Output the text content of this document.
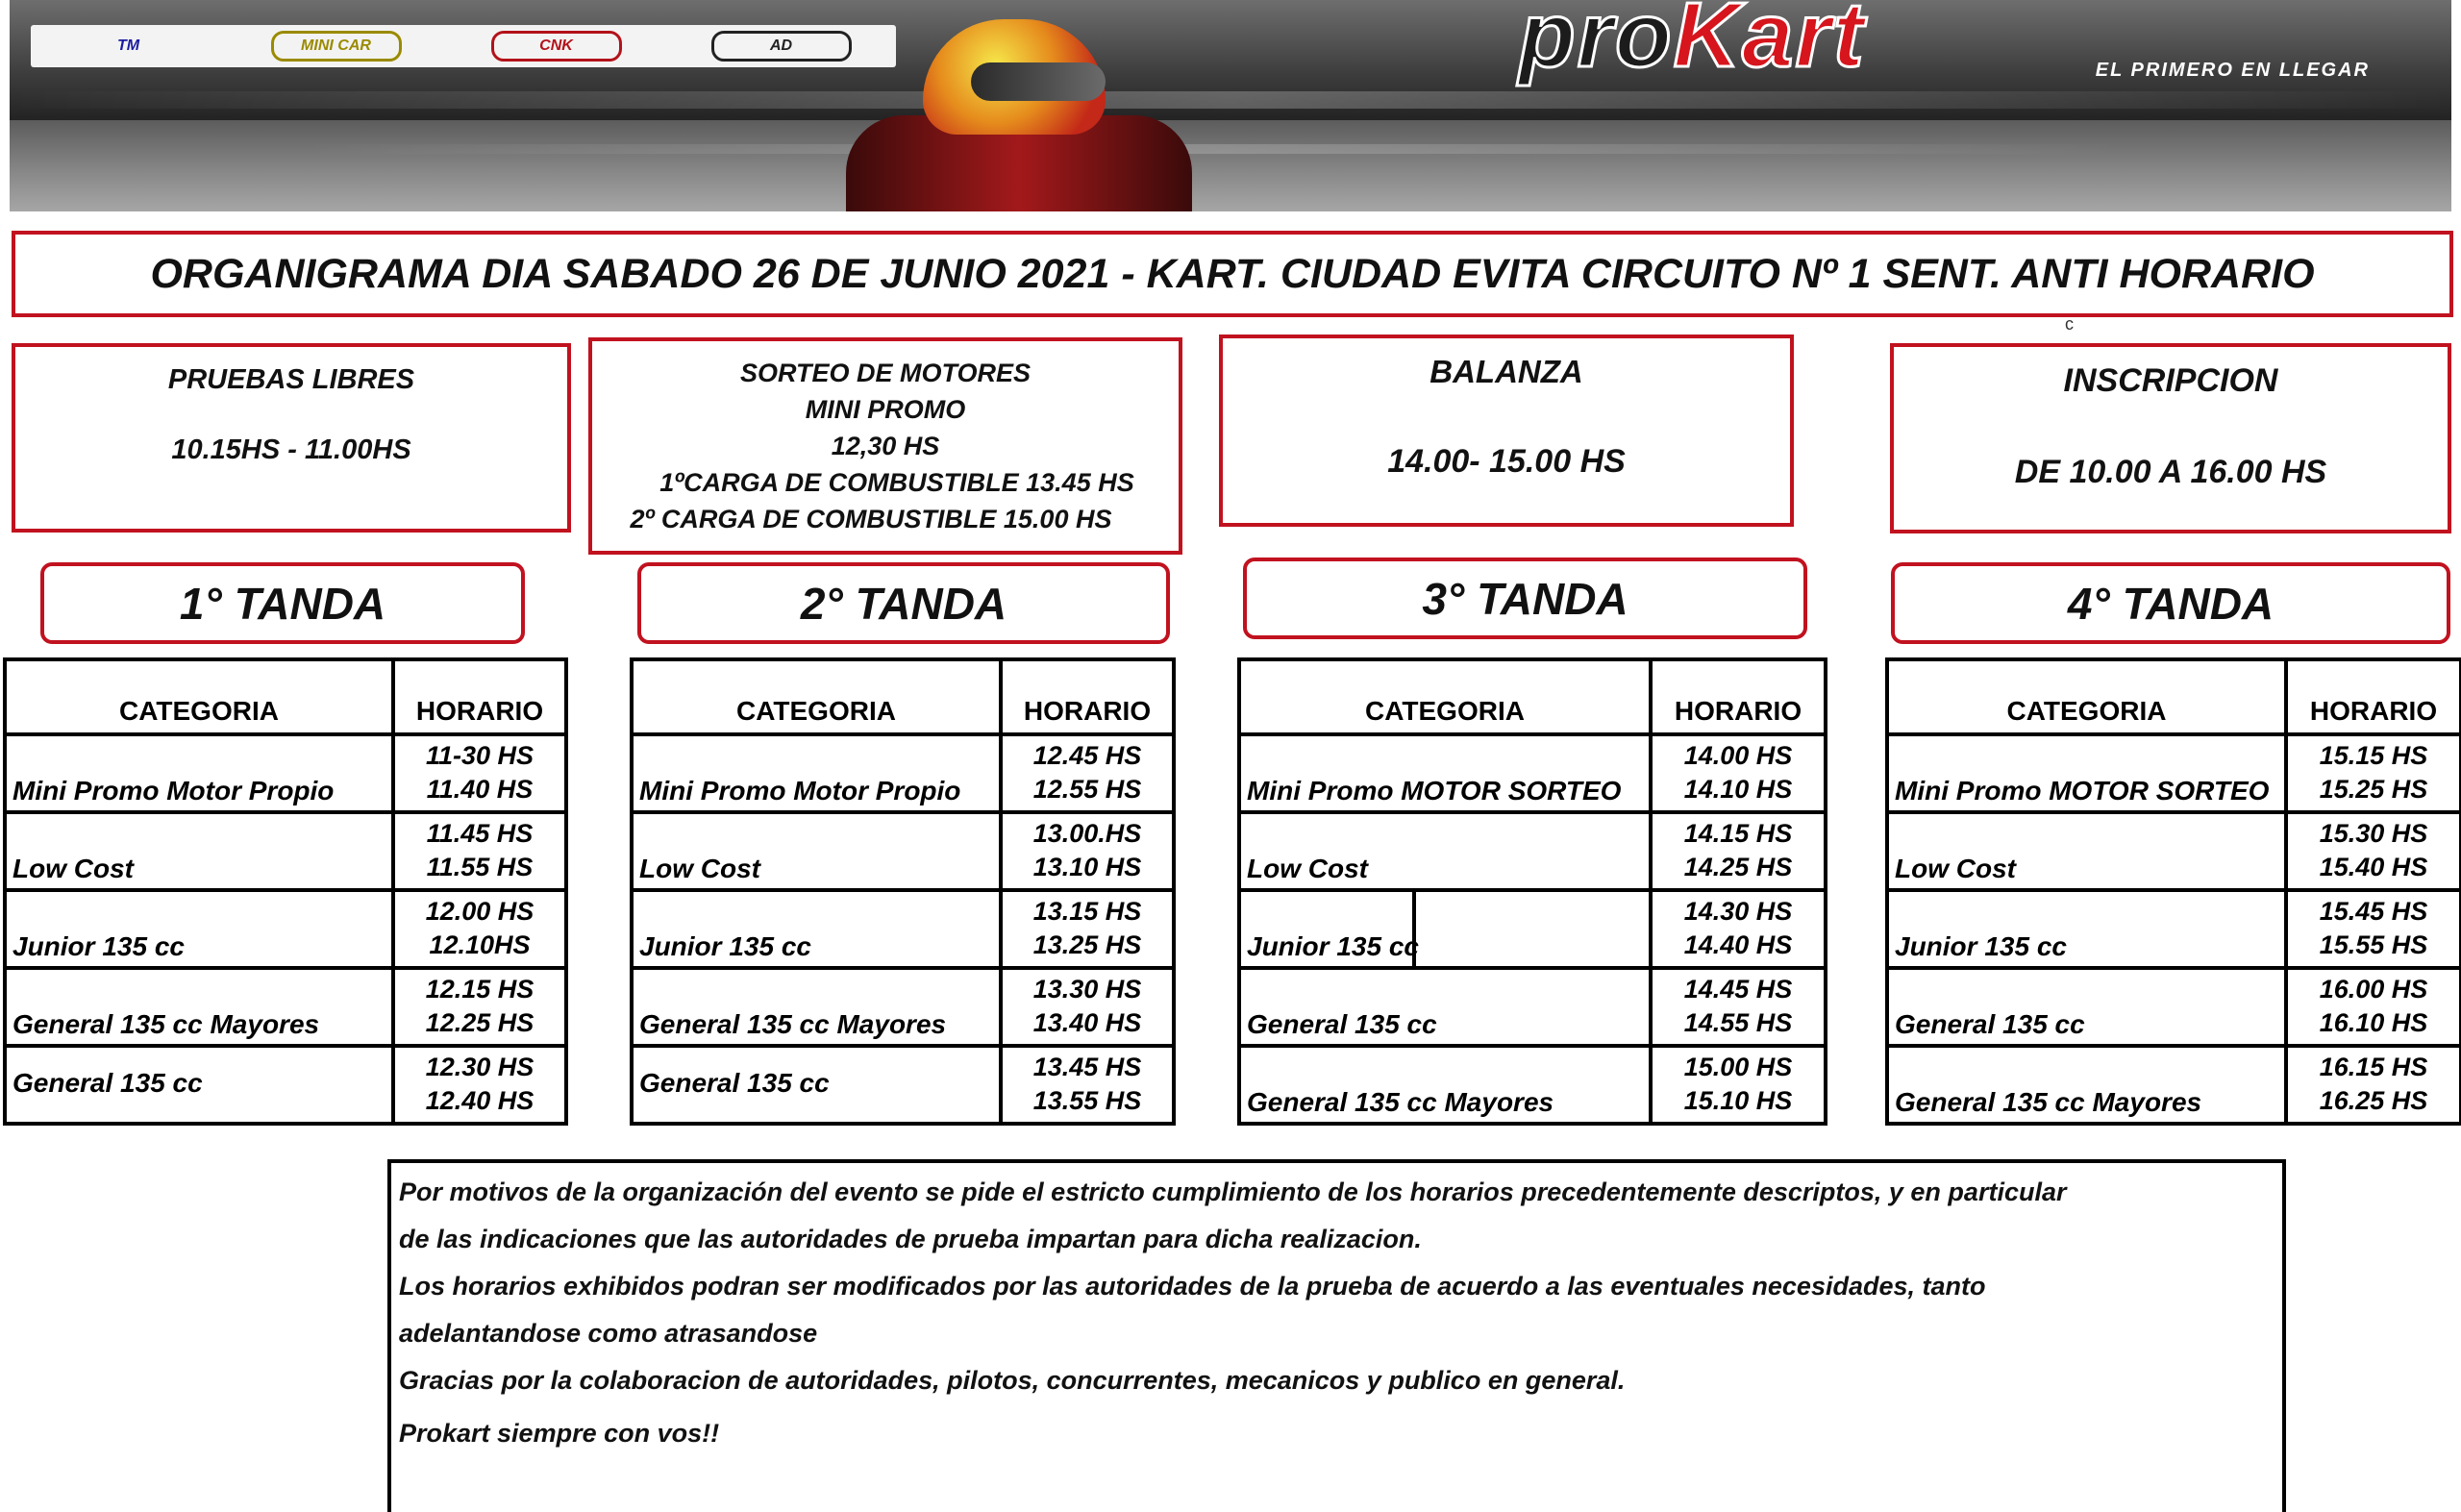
TM	MINI CAR	CNK	AD	proKart	EL PRIMERO EN LLEGAR
ORGANIGRAMA DIA SABADO 26 DE JUNIO 2021 - KART. CIUDAD EVITA CIRCUITO Nº 1 SENT. ANTI HORARIO
c
PRUEBAS LIBRES
10.15HS - 11.00HS
SORTEO DE MOTORES
MINI PROMO
12,30 HS
1ºCARGA DE COMBUSTIBLE 13.45 HS
2º CARGA DE COMBUSTIBLE 15.00 HS
BALANZA
14.00- 15.00 HS
INSCRIPCION
DE 10.00 A 16.00 HS
1° TANDA	2° TANDA	3° TANDA	4° TANDA
CATEGORIA	HORARIO
Mini Promo Motor Propio	11-30 HS
11.40 HS

Low Cost	11.45 HS
11.55 HS

Junior 135 cc	12.00 HS
12.10HS

General 135 cc Mayores	12.15 HS
12.25 HS

General 135 cc	12.30 HS
12.40 HS
CATEGORIA	HORARIO
Mini Promo Motor Propio	12.45 HS
12.55 HS

Low Cost	13.00.HS
13.10 HS

Junior 135 cc	13.15 HS
13.25 HS

General 135 cc Mayores	13.30 HS
13.40 HS

General 135 cc	13.45 HS
13.55 HS
CATEGORIA	HORARIO
Mini Promo MOTOR SORTEO	14.00 HS
14.10 HS

Low Cost	14.15 HS
14.25 HS

Junior 135 cc	14.30 HS
14.40 HS

General 135 cc	14.45 HS
14.55 HS

General 135 cc Mayores	15.00 HS
15.10 HS
CATEGORIA	HORARIO
Mini Promo MOTOR SORTEO	15.15 HS
15.25 HS

Low Cost	15.30 HS
15.40 HS

Junior 135 cc	15.45 HS
15.55 HS

General 135 cc	16.00 HS
16.10 HS

General 135 cc Mayores	16.15 HS
16.25 HS

Por motivos de la organización del evento se pide el estricto cumplimiento de los horarios precedentemente descriptos, y en particular

de las indicaciones que las autoridades de prueba impartan para dicha realizacion.

Los horarios exhibidos podran ser modificados por las autoridades de la prueba de acuerdo a las eventuales necesidades, tanto

adelantandose como atrasandose

Gracias por la colaboracion de autoridades, pilotos, concurrentes, mecanicos y publico en general.

Prokart siempre con vos!!
